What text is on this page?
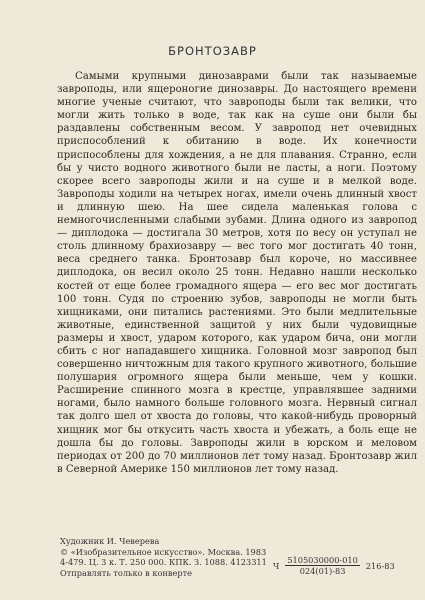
БРОНТОЗАВР

Самыми крупными динозаврами были так называемые завроподы, или ящероногие динозавры. До настоящего времени многие ученые считают, что завроподы были так велики, что могли жить только в воде, так как на суше они были бы раздавлены собственным весом. У завропод нет очевидных приспособлений к обитанию в воде. Их конечности приспособлены для хождения, а не для плавания. Странно, если бы у чисто водного животного были не ласты, а ноги. Поэтому скорее всего завроподы жили и на суше и в мелкой воде. Завроподы ходили на четырех ногах, имели очень длинный хвост и длинную шею. На шее сидела маленькая голова с немногочисленными слабыми зубами. Длина одного из завропод — диплодока — достигала 30 метров, хотя по весу он уступал не столь длинному брахиозавру — вес того мог достигать 40 тонн, веса среднего танка. Бронтозавр был короче, но массивнее диплодока, он весил около 25 тонн. Недавно нашли несколько костей от еще более громадного ящера — его вес мог достигать 100 тонн. Судя по строению зубов, завроподы не могли быть хищниками, они питались растениями. Это были медлительные животные, единственной защитой у них были чудовищные размеры и хвост, ударом которого, как ударом бича, они могли сбить с ног нападавшего хищника. Головной мозг завропод был совершенно ничтожным для такого крупного животного, большие полушария огромного ящера были меньше, чем у кошки. Расширение спинного мозга в крестце, управлявшее задними ногами, было намного больше головного мозга. Нервный сигнал так долго шел от хвоста до головы, что какой-нибудь проворный хищник мог бы откусить часть хвоста и убежать, а боль еще не дошла бы до головы. Завроподы жили в юрском и меловом периодах от 200 до 70 миллионов лет тому назад. Бронтозавр жил в Северной Америке 150 миллионов лет тому назад.

Художник И. Чеверева
© «Изобразительное искусство». Москва. 1983
4-479. Ц. 3 к. Т. 250 000. КПК. З. 1088. 4123311
Отправлять только в конверте
Ч $\frac{5105030000-010}{024(01)-83} 216-83$
